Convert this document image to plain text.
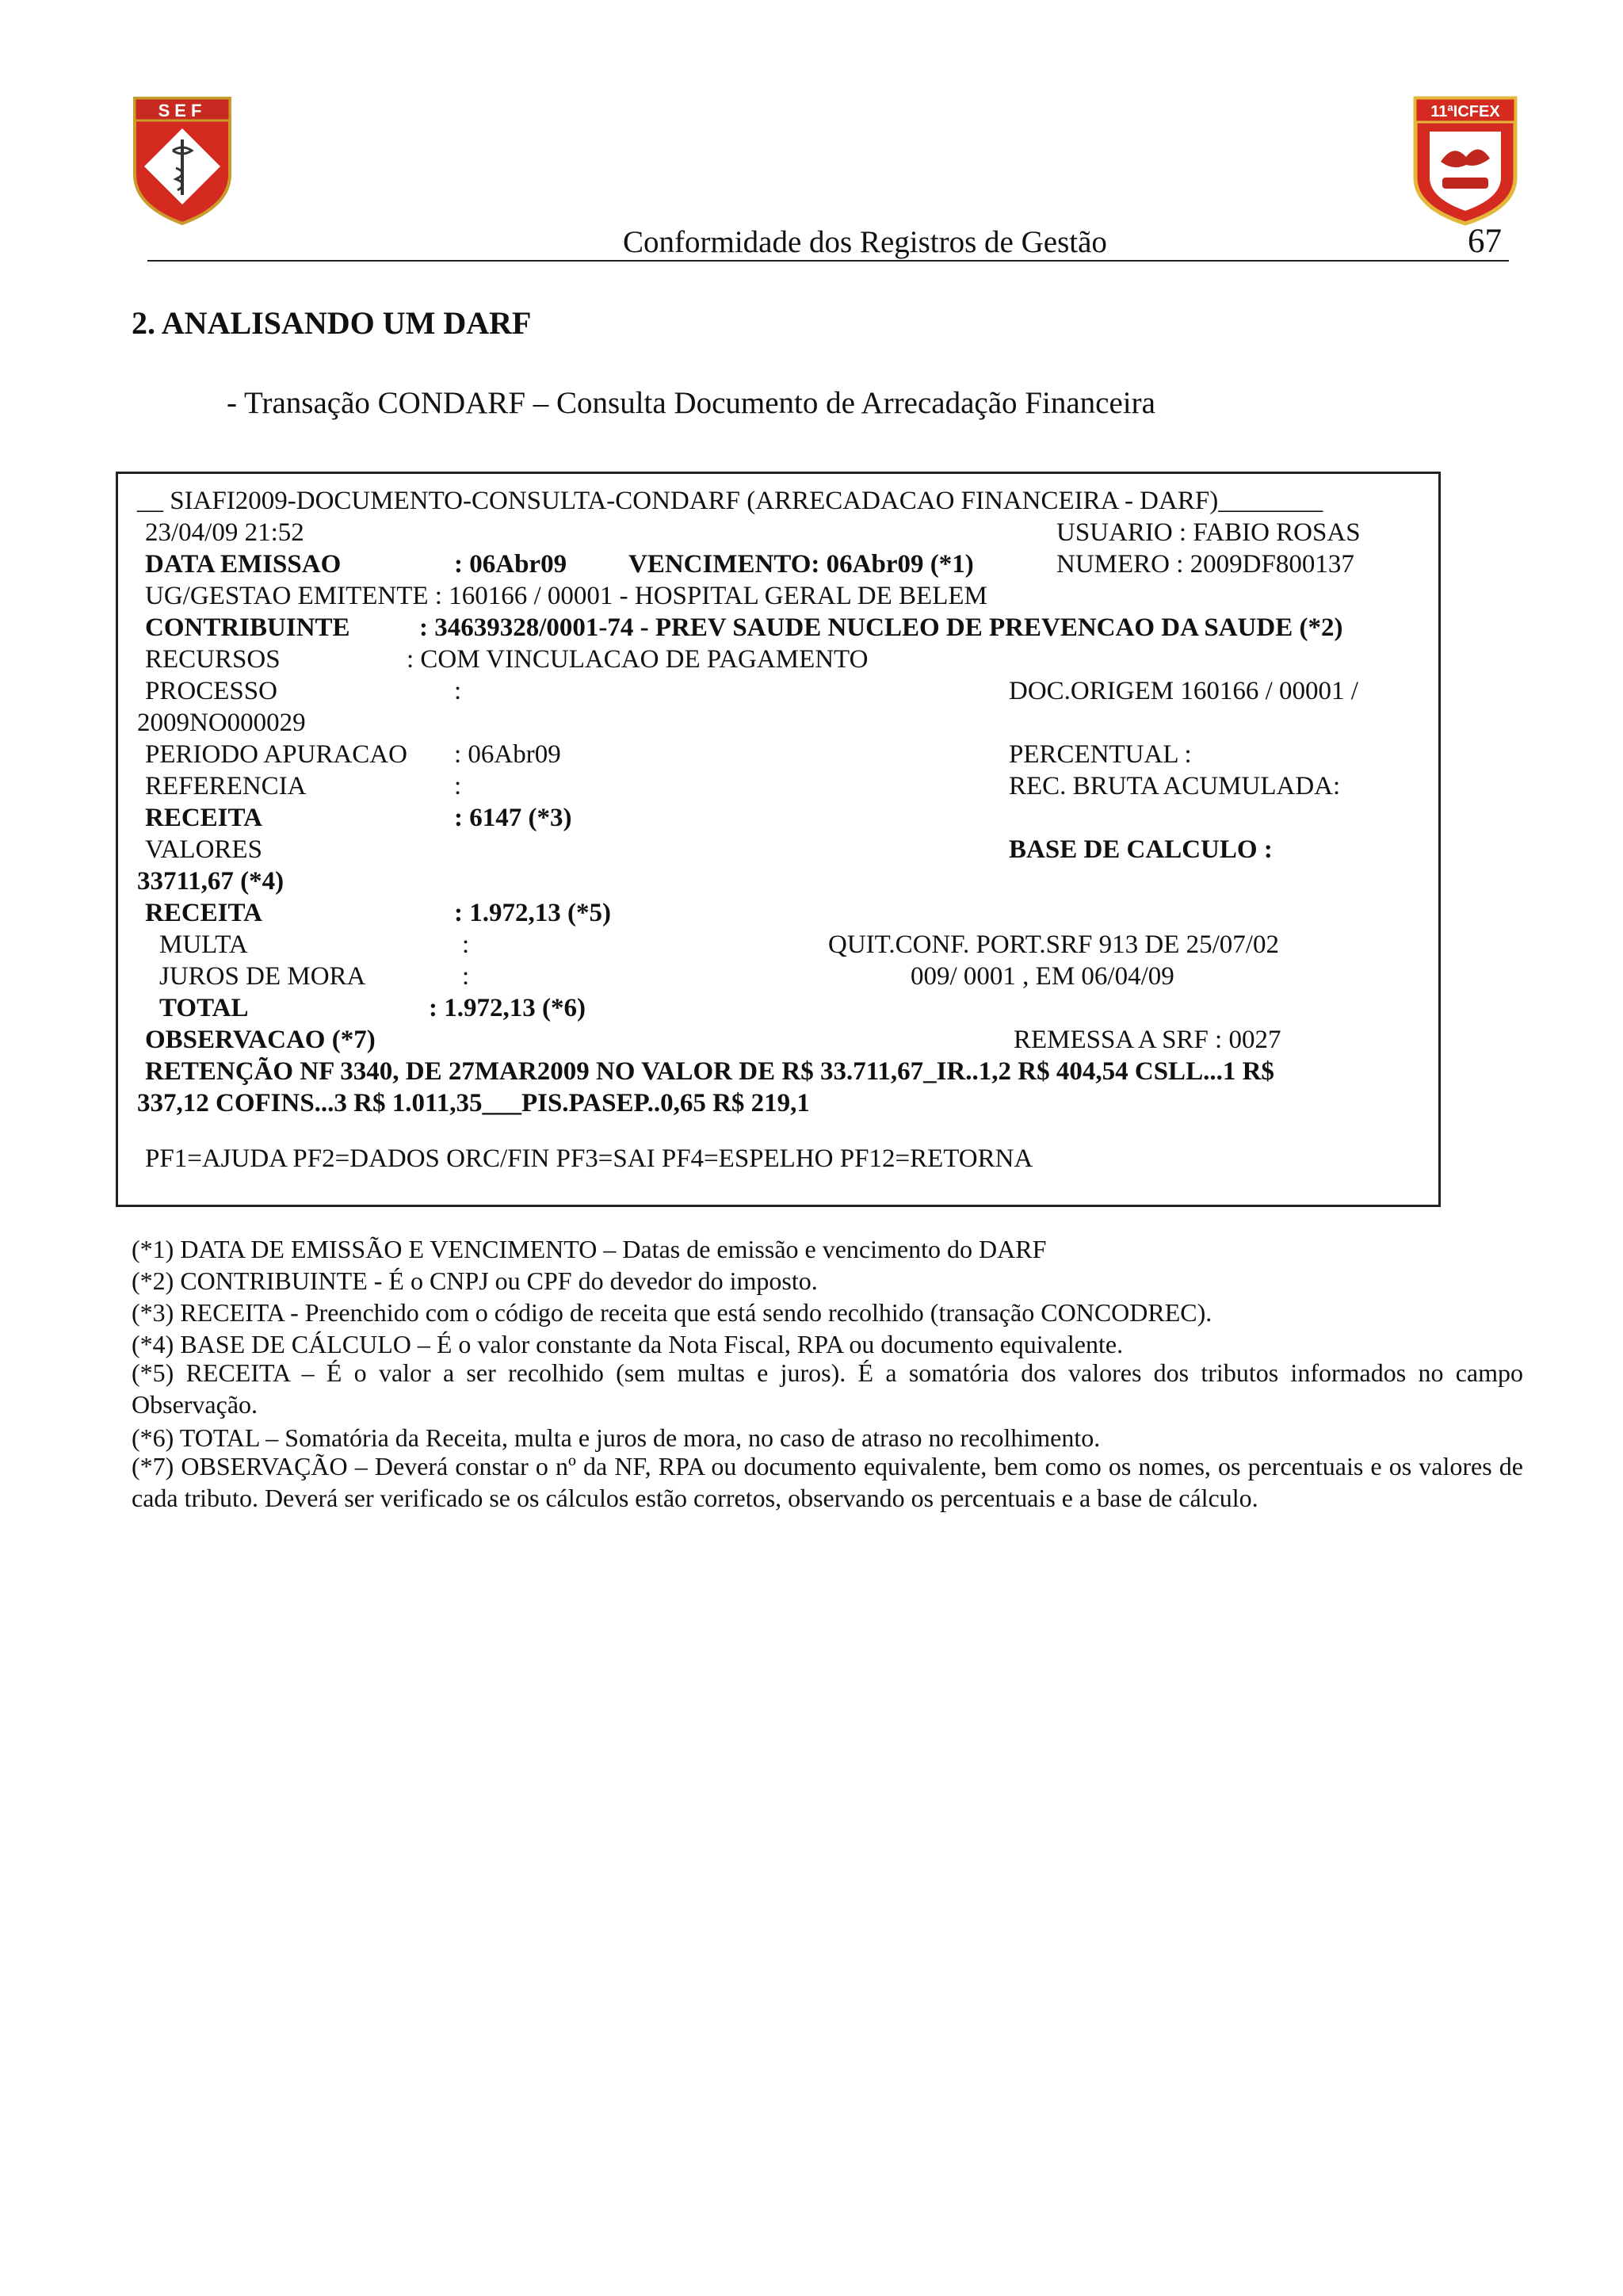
SEF	11ªICFEX
Conformidade dos Registros de Gestão	67
2. ANALISANDO UM DARF
- Transação CONDARF – Consulta Documento de Arrecadação Financeira
__ SIAFI2009-DOCUMENTO-CONSULTA-CONDARF (ARRECADACAO FINANCEIRA - DARF)________
23/04/09 21:52	USUARIO : FABIO ROSAS
DATA EMISSAO	: 06Abr09 VENCIMENTO: 06Abr09 (*1)	NUMERO : 2009DF800137
UG/GESTAO EMITENTE : 160166 / 00001 - HOSPITAL GERAL DE BELEM
CONTRIBUINTE	: 34639328/0001-74 - PREV SAUDE NUCLEO DE PREVENCAO DA SAUDE (*2)
RECURSOS	: COM VINCULACAO DE PAGAMENTO
PROCESSO	:	DOC.ORIGEM 160166 / 00001 /
2009NO000029
PERIODO APURACAO : 06Abr09	PERCENTUAL :
REFERENCIA	:	REC. BRUTA ACUMULADA:
RECEITA	: 6147 (*3)
VALORES	BASE DE CALCULO :
33711,67 (*4)
RECEITA	: 1.972,13 (*5)
MULTA	:	QUIT.CONF. PORT.SRF 913 DE 25/07/02
JUROS DE MORA	:	009/ 0001 , EM 06/04/09
TOTAL	: 1.972,13 (*6)
OBSERVACAO (*7)	REMESSA A SRF : 0027
RETENÇÃO NF 3340, DE 27MAR2009 NO VALOR DE R$ 33.711,67_IR..1,2 R$ 404,54 CSLL...1 R$
337,12 COFINS...3 R$ 1.011,35___PIS.PASEP..0,65 R$ 219,1
PF1=AJUDA PF2=DADOS ORC/FIN PF3=SAI PF4=ESPELHO PF12=RETORNA
(*1) DATA DE EMISSÃO E VENCIMENTO – Datas de emissão e vencimento do DARF
(*2) CONTRIBUINTE - É o CNPJ ou CPF do devedor do imposto.
(*3) RECEITA - Preenchido com o código de receita que está sendo recolhido (transação CONCODREC).
(*4) BASE DE CÁLCULO – É o valor constante da Nota Fiscal, RPA ou documento equivalente.
(*5) RECEITA – É o valor a ser recolhido (sem multas e juros). É a somatória dos valores dos tributos informados no campo Observação.
(*6) TOTAL – Somatória da Receita, multa e juros de mora, no caso de atraso no recolhimento.
(*7) OBSERVAÇÃO – Deverá constar o nº da NF, RPA ou documento equivalente, bem como os nomes, os percentuais e os valores de cada tributo. Deverá ser verificado se os cálculos estão corretos, observando os percentuais e a base de cálculo.
